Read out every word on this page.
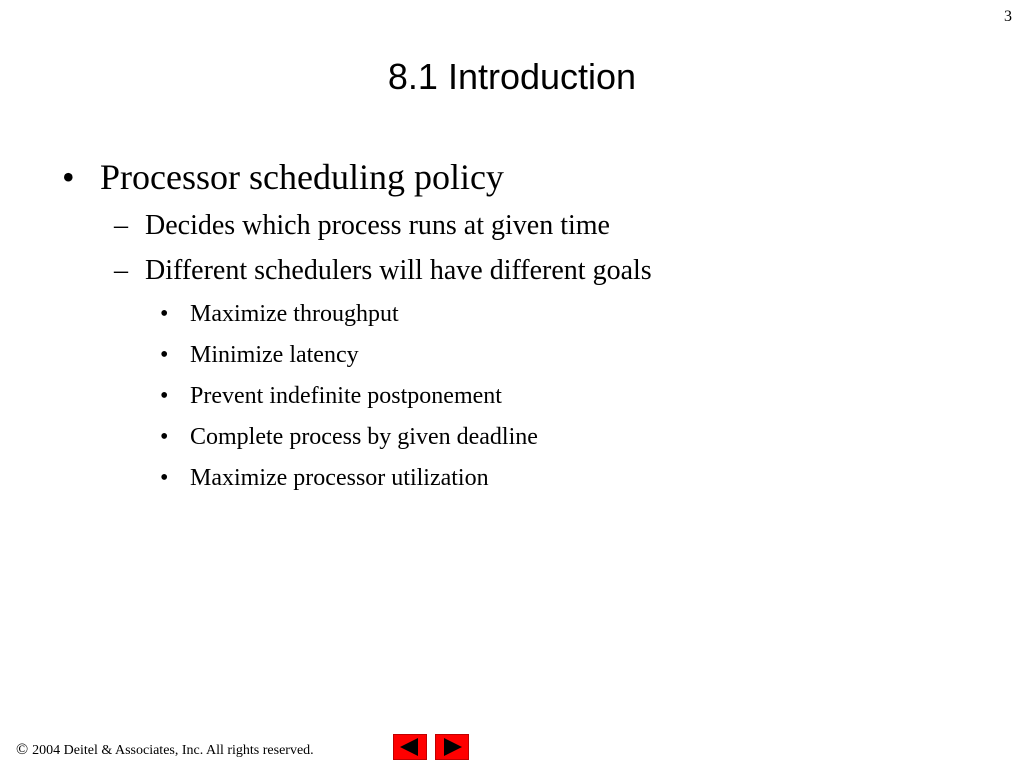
3
8.1 Introduction
• Processor scheduling policy
– Decides which process runs at given time
– Different schedulers will have different goals
• Maximize throughput
• Minimize latency
• Prevent indefinite postponement
• Complete process by given deadline
• Maximize processor utilization
© 2004 Deitel & Associates, Inc. All rights reserved.
